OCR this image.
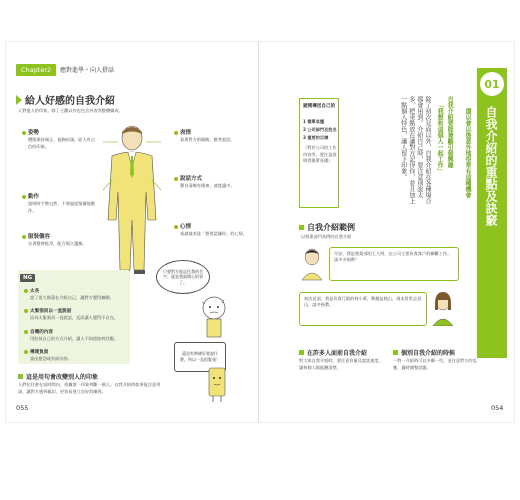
Chapter2	應對進學・向人搭話
給人好感的自我介紹
人對他人的印象，除了主觀以外也包含外表等整體構成。
姿勢
體態保持端正，挺胸抬頭，給人有自信的印象。
動作
說明時手勢自然，不要過度頻繁地動作。
服裝儀容
衣著整齊乾淨，配合場合選擇。
表情
看著對方的眼睛，微笑說話。
說話方式
聲音清晰有精神，速度適中。
心情
真誠地表達「想要認識你」的心情。
NG
太長
說了很久都還在介紹自己，讓對方覺得無聊。
太緊張而以一直說話
因為太緊張而一直說話，反而讓人覺得不自在。
自嘲的內容
用貶低自己的方式介紹，讓人不知道如何回應。
傳達負面
說出抱怨或負面內容。
只要對方能記住我的名字、就是我最開心的事了。
還沒有準備好要說什麼，所以一直很緊張！
這是用句會改變別人的印象
人們往往會在短時間內，依據第一印象判斷一個人。自我介紹時如果能注意用詞，讓對方感到親切，更容易建立良好的關係。
055
01
自我介紹的重點及訣竅
還以會以後意外地很常有這種機會
自我介紹要能兼顧引發興趣
「我想和這個人一起工作」
除了初次見面以外，自我介紹在各種場合都會用到。介紹自己時，要注意別說太多，把重點放在讓對方記得你，並且加上一點個人特色，讓人留下印象。
避開傳送自己的
1 簡單易懂
2 公司部門及姓名
3 重要的目標
（對於公司的工作內容等，要注意說明得簡單易懂）
自我介紹範例
以營業部門為例的自我介紹
早安，我是營業部的王大明，在公司主要負責客戶的聯繫工作。請多多指教！
初次見面，我是負責行銷的林小華，興趣是爬山，週末常常去登山，請多指教。
在許多人面前自我介紹
對大家自我介紹時，要注意音量及說話速度，讓每個人都能聽清楚。
個別自我介紹的時候
一對一介紹時可以多聊一些，並注意對方的反應，適時調整話題。
054
